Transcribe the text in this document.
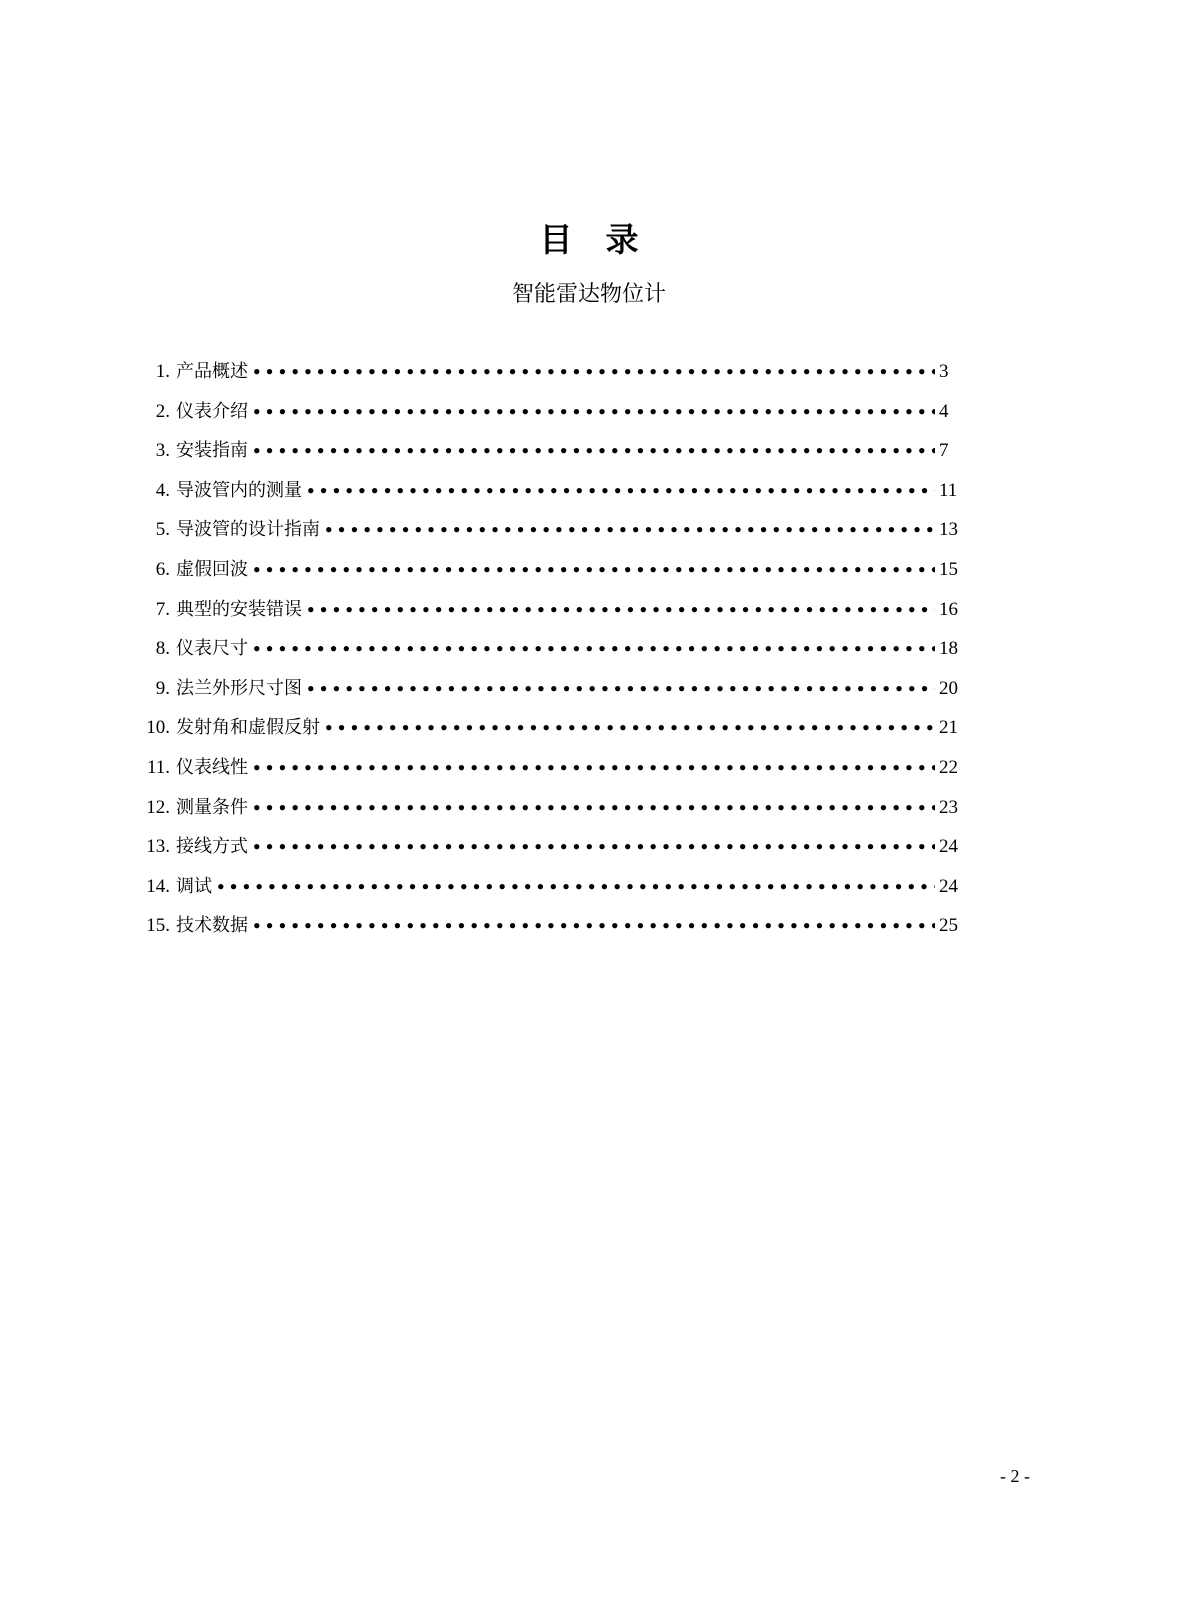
目　录
智能雷达物位计
1. 产品概述 •••••	3
2. 仪表介绍 •••••	4
3. 安装指南 •••••	7
4. 导波管内的测量 •••••	11
5. 导波管的设计指南 •••••	13
6. 虚假回波 •••••	15
7. 典型的安装错误 •••••	16
8. 仪表尺寸 •••••	18
9. 法兰外形尺寸图 •••••	20
10. 发射角和虚假反射 •••••	21
11. 仪表线性 •••••	22
12. 测量条件 •••••	23
13. 接线方式 •••••	24
14. 调试 •••••	24
15. 技术数据 •••••	25
- 2 -
